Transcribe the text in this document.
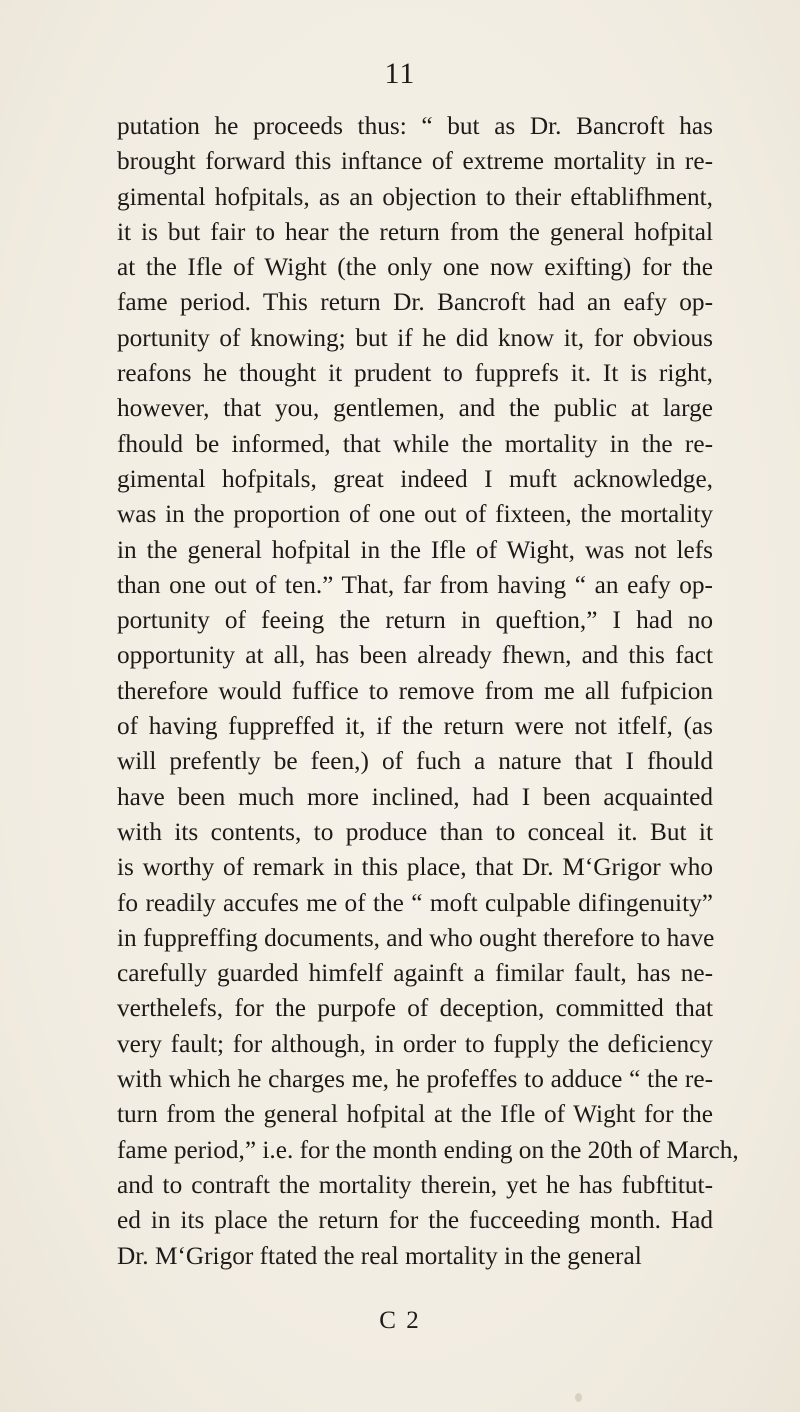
11
putation he proceeds thus: “ but as Dr. Bancroft has
brought forward this inftance of extreme mortality in re-
gimental hofpitals, as an objection to their eftablifhment,
it is but fair to hear the return from the general hofpital
at the Ifle of Wight (the only one now exifting) for the
fame period. This return Dr. Bancroft had an eafy op-
portunity of knowing; but if he did know it, for obvious
reafons he thought it prudent to fupprefs it. It is right,
however, that you, gentlemen, and the public at large
fhould be informed, that while the mortality in the re-
gimental hofpitals, great indeed I muft acknowledge,
was in the proportion of one out of fixteen, the mortality
in the general hofpital in the Ifle of Wight, was not lefs
than one out of ten.” That, far from having “ an eafy op-
portunity of feeing the return in queftion,” I had no
opportunity at all, has been already fhewn, and this fact
therefore would fuffice to remove from me all fufpicion
of having fuppreffed it, if the return were not itfelf, (as
will prefently be feen,) of fuch a nature that I fhould
have been much more inclined, had I been acquainted
with its contents, to produce than to conceal it. But it
is worthy of remark in this place, that Dr. M‘Grigor who
fo readily accufes me of the “ moft culpable difingenuity”
in fuppreffing documents, and who ought therefore to have
carefully guarded himfelf againft a fimilar fault, has ne-
verthelefs, for the purpofe of deception, committed that
very fault; for although, in order to fupply the deficiency
with which he charges me, he profeffes to adduce “ the re-
turn from the general hofpital at the Ifle of Wight for the
fame period,” i.e. for the month ending on the 20th of March,
and to contraft the mortality therein, yet he has fubftitut-
ed in its place the return for the fucceeding month. Had
Dr. M‘Grigor ftated the real mortality in the general
C 2
